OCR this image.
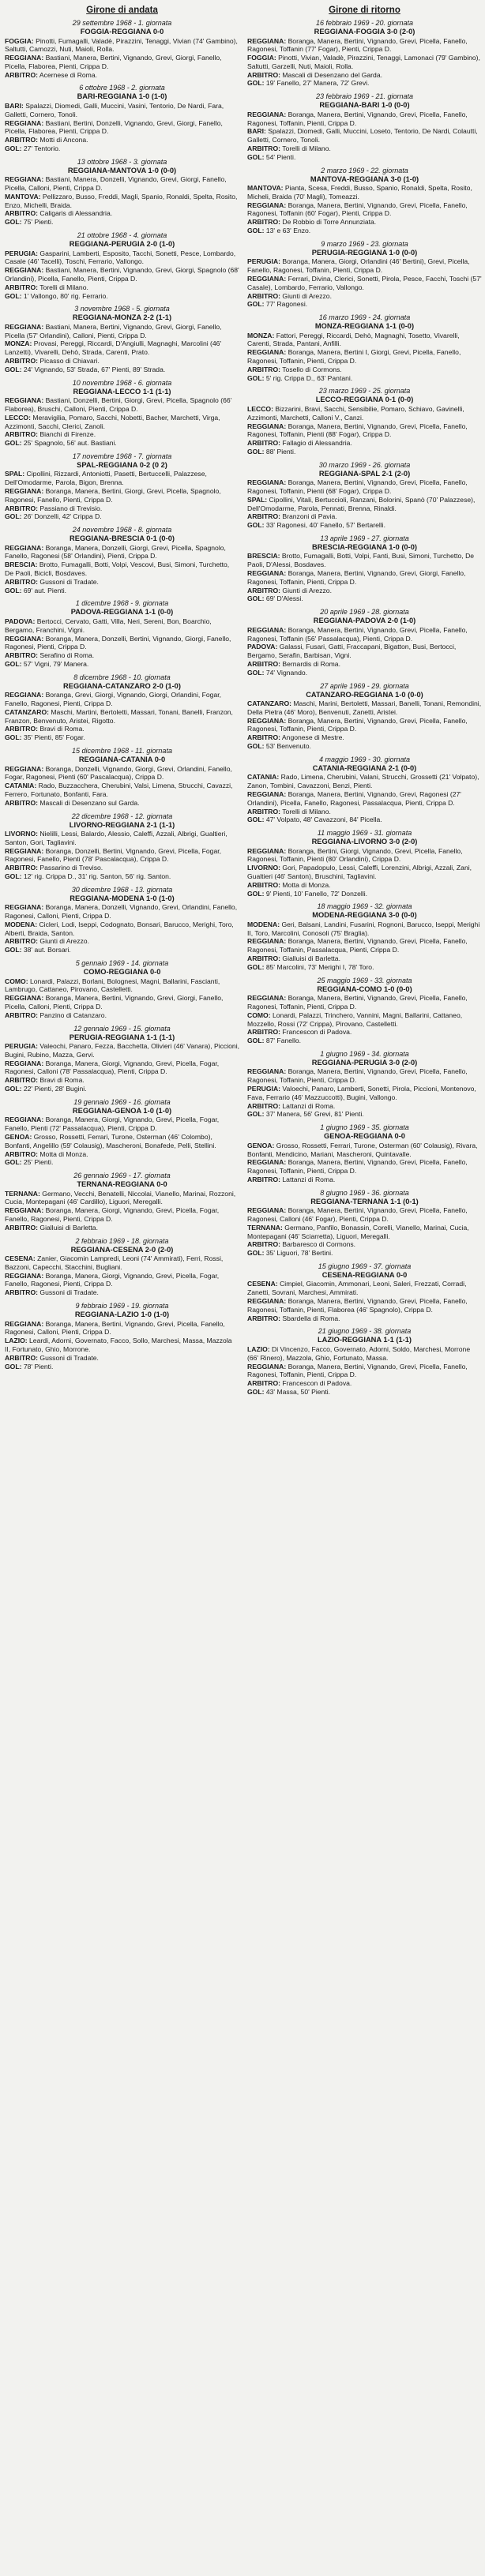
Girone di andata
29 settembre 1968 - 1. giornata
FOGGIA-REGGIANA 0-0
FOGGIA: Pinotti, Fumagalli, Valadè, Pirazzini, Tenaggi, Vivian (74' Gambino), Saltutti, Camozzi, Nuti, Maioli, Rolla.
REGGIANA: Bastiani, Manera, Bertini, Vignando, Grevi, Giorgi, Fanello, Picella, Flaborea, Pienti, Crippa D.
ARBITRO: Acernese di Roma.
6 ottobre 1968 - 2. giornata
BARI-REGGIANA 1-0 (1-0)
BARI: Spalazzi, Diomedi, Galli, Muccini, Vasini, Tentorio, De Nardi, Fara, Galletti, Cornero, Tonoli.
REGGIANA: Bastiani, Bertini, Donzelli, Vignando, Grevi, Giorgi, Fanello, Picella, Flaborea, Pienti, Crippa D.
ARBITRO: Motti di Ancona.
GOL: 27' Tentorio.
13 ottobre 1968 - 3. giornata
REGGIANA-MANTOVA 1-0 (0-0)
REGGIANA: Bastiani, Manera, Donzelli, Vignando, Grevi, Giorgi, Fanello, Picella, Calloni, Pienti, Crippa D.
MANTOVA: Pellizzaro, Busso, Freddi, Magli, Spanio, Ronaldi, Spelta, Rosito, Enzo, Michelli, Braida.
ARBITRO: Caligaris di Alessandria.
GOL: 75' Pienti.
21 ottobre 1968 - 4. giornata
REGGIANA-PERUGIA 2-0 (1-0)
PERUGIA: Gasparini, Lamberti, Esposito, Tacchi, Sonetti, Pesce, Lombardo, Casale (46' Tacelli), Toschi, Ferrario, Vallongo.
REGGIANA: Bastiani, Manera, Bertini, Vignando, Grevi, Giorgi, Spagnolo (68' Orlandini), Picella, Fanello, Pienti, Crippa D.
ARBITRO: Torelli di Milano.
GOL: 1' Vallongo, 80' rig. Ferrario.
3 novembre 1968 - 5. giornata
REGGIANA-MONZA 2-2 (1-1)
REGGIANA: Bastiani, Manera, Bertini, Vignando, Grevi, Giorgi, Fanello, Picella (57' Orlandini), Calloni, Pienti, Crippa D.
MONZA: Provasi, Pereggi, Riccardi, D'Angiulli, Magnaghi, Marcolini (46' Lanzetti), Vivarelli, Dehò, Strada, Carenti, Prato.
ARBITRO: Picasso di Chiavari.
GOL: 24' Vignando, 53' Strada, 67' Pienti, 89' Strada.
10 novembre 1968 - 6. giornata
REGGIANA-LECCO 1-1 (1-1)
REGGIANA: Bastiani, Donzelli, Bertini, Giorgi, Grevi, Picella, Spagnolo (66' Flaborea), Bruschi, Calloni, Pienti, Crippa D.
LECCO: Meravigilia, Pomaro, Sacchi, Nobetti, Bacher, Marchetti, Virga, Azzimonti, Sacchi, Clerici, Zanoli.
ARBITRO: Bianchi di Firenze.
GOL: 25' Spagnolo, 56' aut. Bastiani.
17 novembre 1968 - 7. giornata
SPAL-REGGIANA 0-2 (0 2)
SPAL: Cipollini, Rizzardi, Antoniotti, Pasetti, Bertuccelli, Palazzese, Dell'Omodarme, Parola, Bigon, Brenna.
REGGIANA: Boranga, Manera, Bertini, Giorgi, Grevi, Picella, Spagnolo, Ragonesi, Fanello, Pienti, Crippa D.
ARBITRO: Passiano di Trevisio.
GOL: 26' Donzelli, 42' Crippa D.
24 novembre 1968 - 8. giornata
REGGIANA-BRESCIA 0-1 (0-0)
REGGIANA: Boranga, Manera, Donzelli, Giorgi, Grevi, Picella, Spagnolo, Fanello, Ragonesi (58' Orlandini), Pienti, Crippa D.
BRESCIA: Brotto, Fumagalli, Botti, Volpi, Vescovi, Busi, Simoni, Turchetto, De Paoli, Bicicli, Bosdaves.
ARBITRO: Gussoni di Tradate.
GOL: 69' aut. Pienti.
1 dicembre 1968 - 9. giornata
PADOVA-REGGIANA 1-1 (0-0)
PADOVA: Bertocci, Cervato, Gatti, Villa, Neri, Sereni, Bon, Boarchio, Bergamo, Franchini, Vigni.
REGGIANA: Boranga, Manera, Donzelli, Bertini, Vignando, Giorgi, Fanello, Ragonesi, Pienti, Crippa D.
ARBITRO: Serafino di Roma.
GOL: 57' Vigni, 79' Manera.
8 dicembre 1968 - 10. giornata
REGGIANA-CATANZARO 2-0 (1-0)
REGGIANA: Boranga, Grevi, Giorgi, Vignando, Giorgi, Orlandini, Fogar, Fanello, Ragonesi, Pienti, Crippa D.
CATANZARO: Maschi, Martini, Bertoletti, Massari, Tonani, Banelli, Franzon, Franzon, Benvenuto, Aristei, Rigotto.
ARBITRO: Bravi di Roma.
GOL: 35' Pienti, 85' Fogar.
15 dicembre 1968 - 11. giornata
REGGIANA-CATANIA 0-0
REGGIANA: Boranga, Donzelli, Vignando, Giorgi, Grevi, Orlandini, Fanello, Fogar, Ragonesi, Pienti (60' Pascalacqua), Crippa D.
CATANIA: Rado, Buzzacchera, Cherubini, Valsi, Limena, Strucchi, Cavazzi, Ferrero, Fortunato, Bonfanti, Fara.
ARBITRO: Mascali di Desenzano sul Garda.
22 dicembre 1968 - 12. giornata
LIVORNO-REGGIANA 2-1 (1-1)
LIVORNO: Nielilli, Lessi, Balardo, Alessio, Caleffi, Azzali, Albrigi, Gualtieri, Santon, Gori, Tagliavini.
REGGIANA: Boranga, Donzelli, Bertini, Vignando, Grevi, Picella, Fogar, Ragonesi, Fanello, Pienti (78' Pascalacqua), Crippa D.
ARBITRO: Passarino di Treviso.
GOL: 12' rig. Crippa D., 31' rig. Santon, 56' rig. Santon.
30 dicembre 1968 - 13. giornata
REGGIANA-MODENA 1-0 (1-0)
REGGIANA: Boranga, Manera, Donzelli, Vignando, Grevi, Orlandini, Fanello, Ragonesi, Calloni, Pienti, Crippa D.
MODENA: Cicleri, Lodi, Iseppi, Codognato, Bonsari, Barucco, Merighi, Toro, Alberti, Braida, Santon.
ARBITRO: Giunti di Arezzo.
GOL: 38' aut. Borsari.
5 gennaio 1969 - 14. giornata
COMO-REGGIANA 0-0
COMO: Lonardi, Palazzi, Borlani, Bolognesi, Magni, Ballarini, Fascianti, Lambrugo, Cattaneo, Pirovano, Castelletti.
REGGIANA: Boranga, Manera, Bertini, Vignando, Grevi, Giorgi, Fanello, Picella, Calloni, Pienti, Crippa D.
ARBITRO: Panzino di Catanzaro.
12 gennaio 1969 - 15. giornata
PERUGIA-REGGIANA 1-1 (1-1)
PERUGIA: Valeochi, Panaro, Fezza, Bacchetta, Olivieri (46' Vanara), Piccioni, Bugini, Rubino, Mazza, Gervi.
REGGIANA: Boranga, Manera, Giorgi, Vignando, Grevi, Picella, Fogar, Ragonesi, Calloni (78' Passalacqua), Pienti, Crippa D.
ARBITRO: Bravi di Roma.
GOL: 22' Pienti, 28' Bugini.
19 gennaio 1969 - 16. giornata
REGGIANA-GENOA 1-0 (1-0)
REGGIANA: Boranga, Manera, Giorgi, Vignando, Grevi, Picella, Fogar, Fanello, Pienti (72' Passalacqua), Pienti, Crippa D.
GENOA: Grosso, Rossetti, Ferrari, Turone, Osterman (46' Colombo), Bonfanti, Angelillo (59' Colausig), Mascheroni, Bonafede, Pelli, Stellini.
ARBITRO: Motta di Monza.
GOL: 25' Pienti.
26 gennaio 1969 - 17. giornata
TERNANA-REGGIANA 0-0
TERNANA: Germano, Vecchi, Benatelli, Niccolai, Vianello, Marinai, Rozzoni, Cucia, Montepagani (46' Cardillo), Liguori, Meregalli.
REGGIANA: Boranga, Manera, Giorgi, Vignando, Grevi, Picella, Fogar, Fanello, Ragonesi, Pienti, Crippa D.
ARBITRO: Gialluisi di Barletta.
2 febbraio 1969 - 18. giornata
REGGIANA-CESENA 2-0 (2-0)
CESENA: Zanier, Giacomin Lampredi, Leoni (74' Ammirati), Ferri, Rossi, Bazzoni, Capecchi, Stacchini, Bugliani.
REGGIANA: Boranga, Manera, Giorgi, Vignando, Grevi, Picella, Fogar, Fanello, Ragonesi, Pienti, Crippa D.
ARBITRO: Gussoni di Tradate.
9 febbraio 1969 - 19. giornata
REGGIANA-LAZIO 1-0 (1-0)
REGGIANA: Boranga, Manera, Bertini, Vignando, Grevi, Picella, Fanello, Ragonesi, Calloni, Pienti, Crippa D.
LAZIO: Leardi, Adorni, Governato, Facco, Sollo, Marchesi, Massa, Mazzola II, Fortunato, Ghio, Morrone.
ARBITRO: Gussoni di Tradate.
GOL: 78' Pienti.
Girone di ritorno
16 febbraio 1969 - 20. giornata
REGGIANA-FOGGIA 3-0 (2-0)
REGGIANA: Boranga, Manera, Bertini, Vignando, Grevi, Picella, Fanello, Ragonesi, Toffanin (77' Fogar), Pienti, Crippa D.
FOGGIA: Pinotti, Vivian, Valadè, Pirazzini, Tenaggi, Lamonaci (79' Gambino), Saltutti, Garzelli, Nuti, Maioli, Rolla.
ARBITRO: Mascali di Desenzano del Garda.
GOL: 19' Fanello, 27' Manera, 72' Grevi.
23 febbraio 1969 - 21. giornata
REGGIANA-BARI 1-0 (0-0)
REGGIANA: Boranga, Manera, Bertini, Vignando, Grevi, Picella, Fanello, Ragonesi, Toffanin, Pienti, Crippa D.
BARI: Spalazzi, Diomedi, Galli, Muccini, Loseto, Tentorio, De Nardi, Colautti, Galletti, Cornero, Tonoli.
ARBITRO: Torelli di Milano.
GOL: 54' Pienti.
2 marzo 1969 - 22. giornata
MANTOVA-REGGIANA 3-0 (1-0)
MANTOVA: Pianta, Scesa, Freddi, Busso, Spanio, Ronaldi, Spelta, Rosito, Micheli, Braida (70' Magli), Tomeazzi.
REGGIANA: Boranga, Manera, Bertini, Vignando, Grevi, Picella, Fanello, Ragonesi, Toffanin (60' Fogar), Pienti, Crippa D.
ARBITRO: De Robbio di Torre Annunziata.
GOL: 13' e 63' Enzo.
9 marzo 1969 - 23. giornata
PERUGIA-REGGIANA 1-0 (0-0)
PERUGIA: Boranga, Manera, Giorgi, Orlandini (46' Bertini), Grevi, Picella, Fanello, Ragonesi, Toffanin, Pienti, Crippa D.
REGGIANA: Ferrari, Divina, Clerici, Sonetti, Pirola, Pesce, Facchi, Toschi (57' Casale), Lombardo, Ferrario, Vallongo.
ARBITRO: Giunti di Arezzo.
GOL: 77' Ragonesi.
16 marzo 1969 - 24. giornata
MONZA-REGGIANA 1-1 (0-0)
MONZA: Fattori, Pereggi, Riccardi, Dehò, Magnaghi, Tosetto, Vivarelli, Carenti, Strada, Pantani, Anfilli.
REGGIANA: Boranga, Manera, Bertini I, Giorgi, Grevi, Picella, Fanello, Ragonesi, Toffanin, Pienti, Crippa D.
ARBITRO: Tosello di Cormons.
GOL: 5' rig. Crippa D., 63' Pantani.
23 marzo 1969 - 25. giornata
LECCO-REGGIANA 0-1 (0-0)
LECCO: Bizzarini, Bravi, Sacchi, Sensibilie, Pomaro, Schiavo, Gavinelli, Azzimonti, Marchetti, Calloni V., Canzi.
REGGIANA: Boranga, Manera, Bertini, Vignando, Grevi, Picella, Fanello, Ragonesi, Toffanin, Pienti (88' Fogar), Crippa D.
ARBITRO: Fallagio di Alessandria.
GOL: 88' Pienti.
30 marzo 1969 - 26. giornata
REGGIANA-SPAL 2-1 (2-0)
REGGIANA: Boranga, Manera, Bertini, Vignando, Grevi, Picella, Fanello, Ragonesi, Toffanin, Pienti (68' Fogar), Crippa D.
SPAL: Cipollini, Vitali, Bertuccioli, Ranzani, Bolorini, Spanò (70' Palazzese), Dell'Omodarme, Parola, Pennati, Brenna, Rinaldi.
ARBITRO: Branzoni di Pavia.
GOL: 33' Ragonesi, 40' Fanello, 57' Bertarelli.
13 aprile 1969 - 27. giornata
BRESCIA-REGGIANA 1-0 (0-0)
BRESCIA: Brotto, Fumagalli, Botti, Volpi, Fanti, Busi, Simoni, Turchetto, De Paoli, D'Alessi, Bosdaves.
REGGIANA: Boranga, Manera, Bertini, Vignando, Grevi, Giorgi, Fanello, Ragonesi, Toffanin, Pienti, Crippa D.
ARBITRO: Giunti di Arezzo.
GOL: 69' D'Alessi.
20 aprile 1969 - 28. giornata
REGGIANA-PADOVA 2-0 (1-0)
REGGIANA: Boranga, Manera, Bertini, Vignando, Grevi, Picella, Fanello, Ragonesi, Toffanin (56' Passalacqua), Pienti, Crippa D.
PADOVA: Galassi, Fusari, Gatti, Fraccapani, Bigatton, Busi, Bertocci, Bergamo, Serafin, Barbisan, Vigni.
ARBITRO: Bernardis di Roma.
GOL: 74' Vignando.
27 aprile 1969 - 29. giornata
CATANZARO-REGGIANA 1-0 (0-0)
CATANZARO: Maschi, Marini, Bertoletti, Massari, Banelli, Tonani, Remondini, Della Pietra (46' Moro), Benvenuti, Zanetti, Aristei.
REGGIANA: Boranga, Manera, Bertini, Vignando, Grevi, Picella, Fanello, Ragonesi, Toffanin, Pienti, Crippa D.
ARBITRO: Angonese di Mestre.
GOL: 53' Benvenuto.
4 maggio 1969 - 30. giornata
CATANIA-REGGIANA 2-1 (0-0)
CATANIA: Rado, Limena, Cherubini, Valani, Strucchi, Grossetti (21' Volpato), Zanon, Tombini, Cavazzoni, Benzi, Pienti.
REGGIANA: Boranga, Manera, Bertini, Vignando, Grevi, Ragonesi (27' Orlandini), Picella, Fanello, Ragonesi, Passalacqua, Pienti, Crippa D.
ARBITRO: Torelli di Milano.
GOL: 47' Volpato, 48' Cavazzoni, 84' Picella.
11 maggio 1969 - 31. giornata
REGGIANA-LIVORNO 3-0 (2-0)
REGGIANA: Boranga, Bertini, Giorgi, Vignando, Grevi, Picella, Fanello, Ragonesi, Toffanin, Pienti (80' Orlandini), Crippa D.
LIVORNO: Gori, Papadopulo, Lessi, Caleffi, Lorenzini, Albrigi, Azzali, Zani, Gualtieri (46' Santon), Bruschini, Tagliavini.
ARBITRO: Motta di Monza.
GOL: 9' Pienti, 10' Fanello, 72' Donzelli.
18 maggio 1969 - 32. giornata
MODENA-REGGIANA 3-0 (0-0)
MODENA: Geri, Balsani, Landini, Fusarini, Rognoni, Barucco, Iseppi, Merighi II, Toro, Marcolini, Conosoli (75' Braglia).
REGGIANA: Boranga, Manera, Bertini, Vignando, Grevi, Picella, Fanello, Ragonesi, Toffanin, Passalacqua, Pienti, Crippa D.
ARBITRO: Gialluisi di Barletta.
GOL: 85' Marcolini, 73' Merighi I, 78' Toro.
25 maggio 1969 - 33. giornata
REGGIANA-COMO 1-0 (0-0)
REGGIANA: Boranga, Manera, Bertini, Vignando, Grevi, Picella, Fanello, Ragonesi, Toffanin, Pienti, Crippa D.
COMO: Lonardi, Palazzi, Trinchero, Vannini, Magni, Ballarini, Cattaneo, Mozzello, Rossi (72' Crippa), Pirovano, Castelletti.
ARBITRO: Francescon di Padova.
GOL: 87' Fanello.
1 giugno 1969 - 34. giornata
REGGIANA-PERUGIA 3-0 (2-0)
REGGIANA: Boranga, Manera, Bertini, Vignando, Grevi, Picella, Fanello, Ragonesi, Toffanin, Pienti, Crippa D.
PERUGIA: Valoechi, Panaro, Lamberti, Sonetti, Pirola, Piccioni, Montenovo, Fava, Ferrario (46' Mazzuccotti), Bugini, Vallongo.
ARBITRO: Lattanzi di Roma.
GOL: 37' Manera, 56' Grevi, 81' Pienti.
1 giugno 1969 - 35. giornata
GENOA-REGGIANA 0-0
GENOA: Grosso, Rossetti, Ferrari, Turone, Osterman (60' Colausig), Rivara, Bonfanti, Mendicino, Mariani, Mascheroni, Quintavalle.
REGGIANA: Boranga, Manera, Bertini, Vignando, Grevi, Picella, Fanello, Ragonesi, Toffanin, Pienti, Crippa D.
ARBITRO: Lattanzi di Roma.
8 giugno 1969 - 36. giornata
REGGIANA-TERNANA 1-1 (0-1)
REGGIANA: Boranga, Manera, Bertini, Vignando, Grevi, Picella, Fanello, Ragonesi, Calloni (46' Fogar), Pienti, Crippa D.
TERNANA: Germano, Panfilo, Bonassin, Corelli, Vianello, Marinai, Cucia, Montepagani (46' Sciarretta), Liguori, Meregalli.
ARBITRO: Barbaresco di Cormons.
GOL: 35' Liguori, 78' Bertini.
15 giugno 1969 - 37. giornata
CESENA-REGGIANA 0-0
CESENA: Cimpiel, Giacomin, Ammonari, Leoni, Saleri, Frezzati, Corradi, Zanetti, Sovrani, Marchesi, Ammirati.
REGGIANA: Boranga, Manera, Bertini, Vignando, Grevi, Picella, Fanello, Ragonesi, Toffanin, Pienti, Flaborea (46' Spagnolo), Crippa D.
ARBITRO: Sbardella di Roma.
21 giugno 1969 - 38. giornata
LAZIO-REGGIANA 1-1 (1-1)
LAZIO: Di Vincenzo, Facco, Governato, Adorni, Soldo, Marchesi, Morrone (66' Rinero), Mazzola, Ghio, Fortunato, Massa.
REGGIANA: Boranga, Manera, Bertini, Vignando, Grevi, Picella, Fanello, Ragonesi, Toffanin, Pienti, Crippa D.
ARBITRO: Francescon di Padova.
GOL: 43' Massa, 50' Pienti.
